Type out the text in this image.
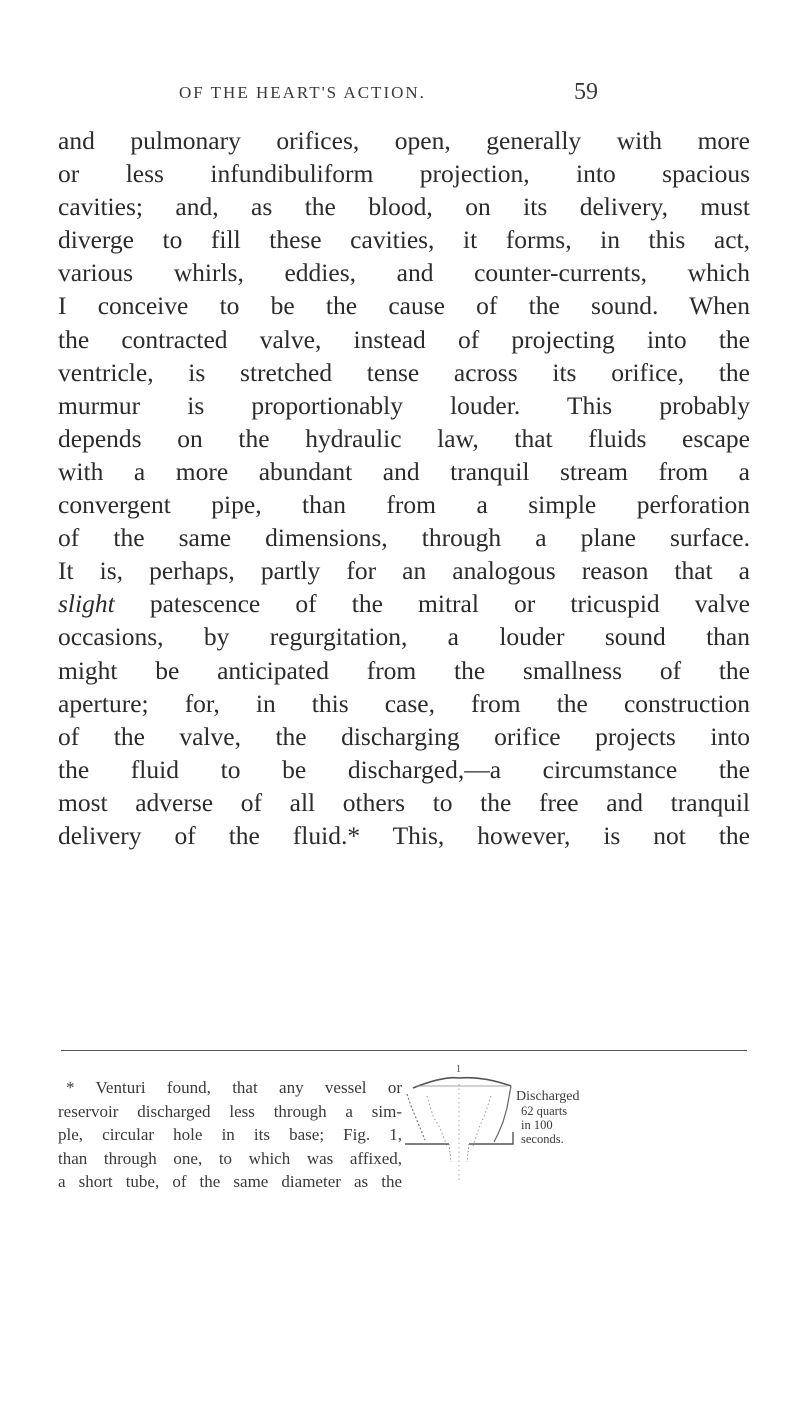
OF THE HEART'S ACTION.	59
and pulmonary orifices, open, generally with more
or less infundibuliform projection, into spacious
cavities; and, as the blood, on its delivery, must
diverge to fill these cavities, it forms, in this act,
various whirls, eddies, and counter-currents, which
I conceive to be the cause of the sound. When
the contracted valve, instead of projecting into the
ventricle, is stretched tense across its orifice, the
murmur is proportionably louder. This probably
depends on the hydraulic law, that fluids escape
with a more abundant and tranquil stream from a
convergent pipe, than from a simple perforation
of the same dimensions, through a plane surface.
It is, perhaps, partly for an analogous reason that a
slight patescence of the mitral or tricuspid valve
occasions, by regurgitation, a louder sound than
might be anticipated from the smallness of the
aperture; for, in this case, from the construction
of the valve, the discharging orifice projects into
the fluid to be discharged,—a circumstance the
most adverse of all others to the free and tranquil
delivery of the fluid.* This, however, is not the
* Venturi found, that any vessel or
reservoir discharged less through a sim-
ple, circular hole in its base; Fig. 1,
than through one, to which was affixed,
a short tube, of the same diameter as the
1
Discharged
62 quarts
in 100
seconds.
